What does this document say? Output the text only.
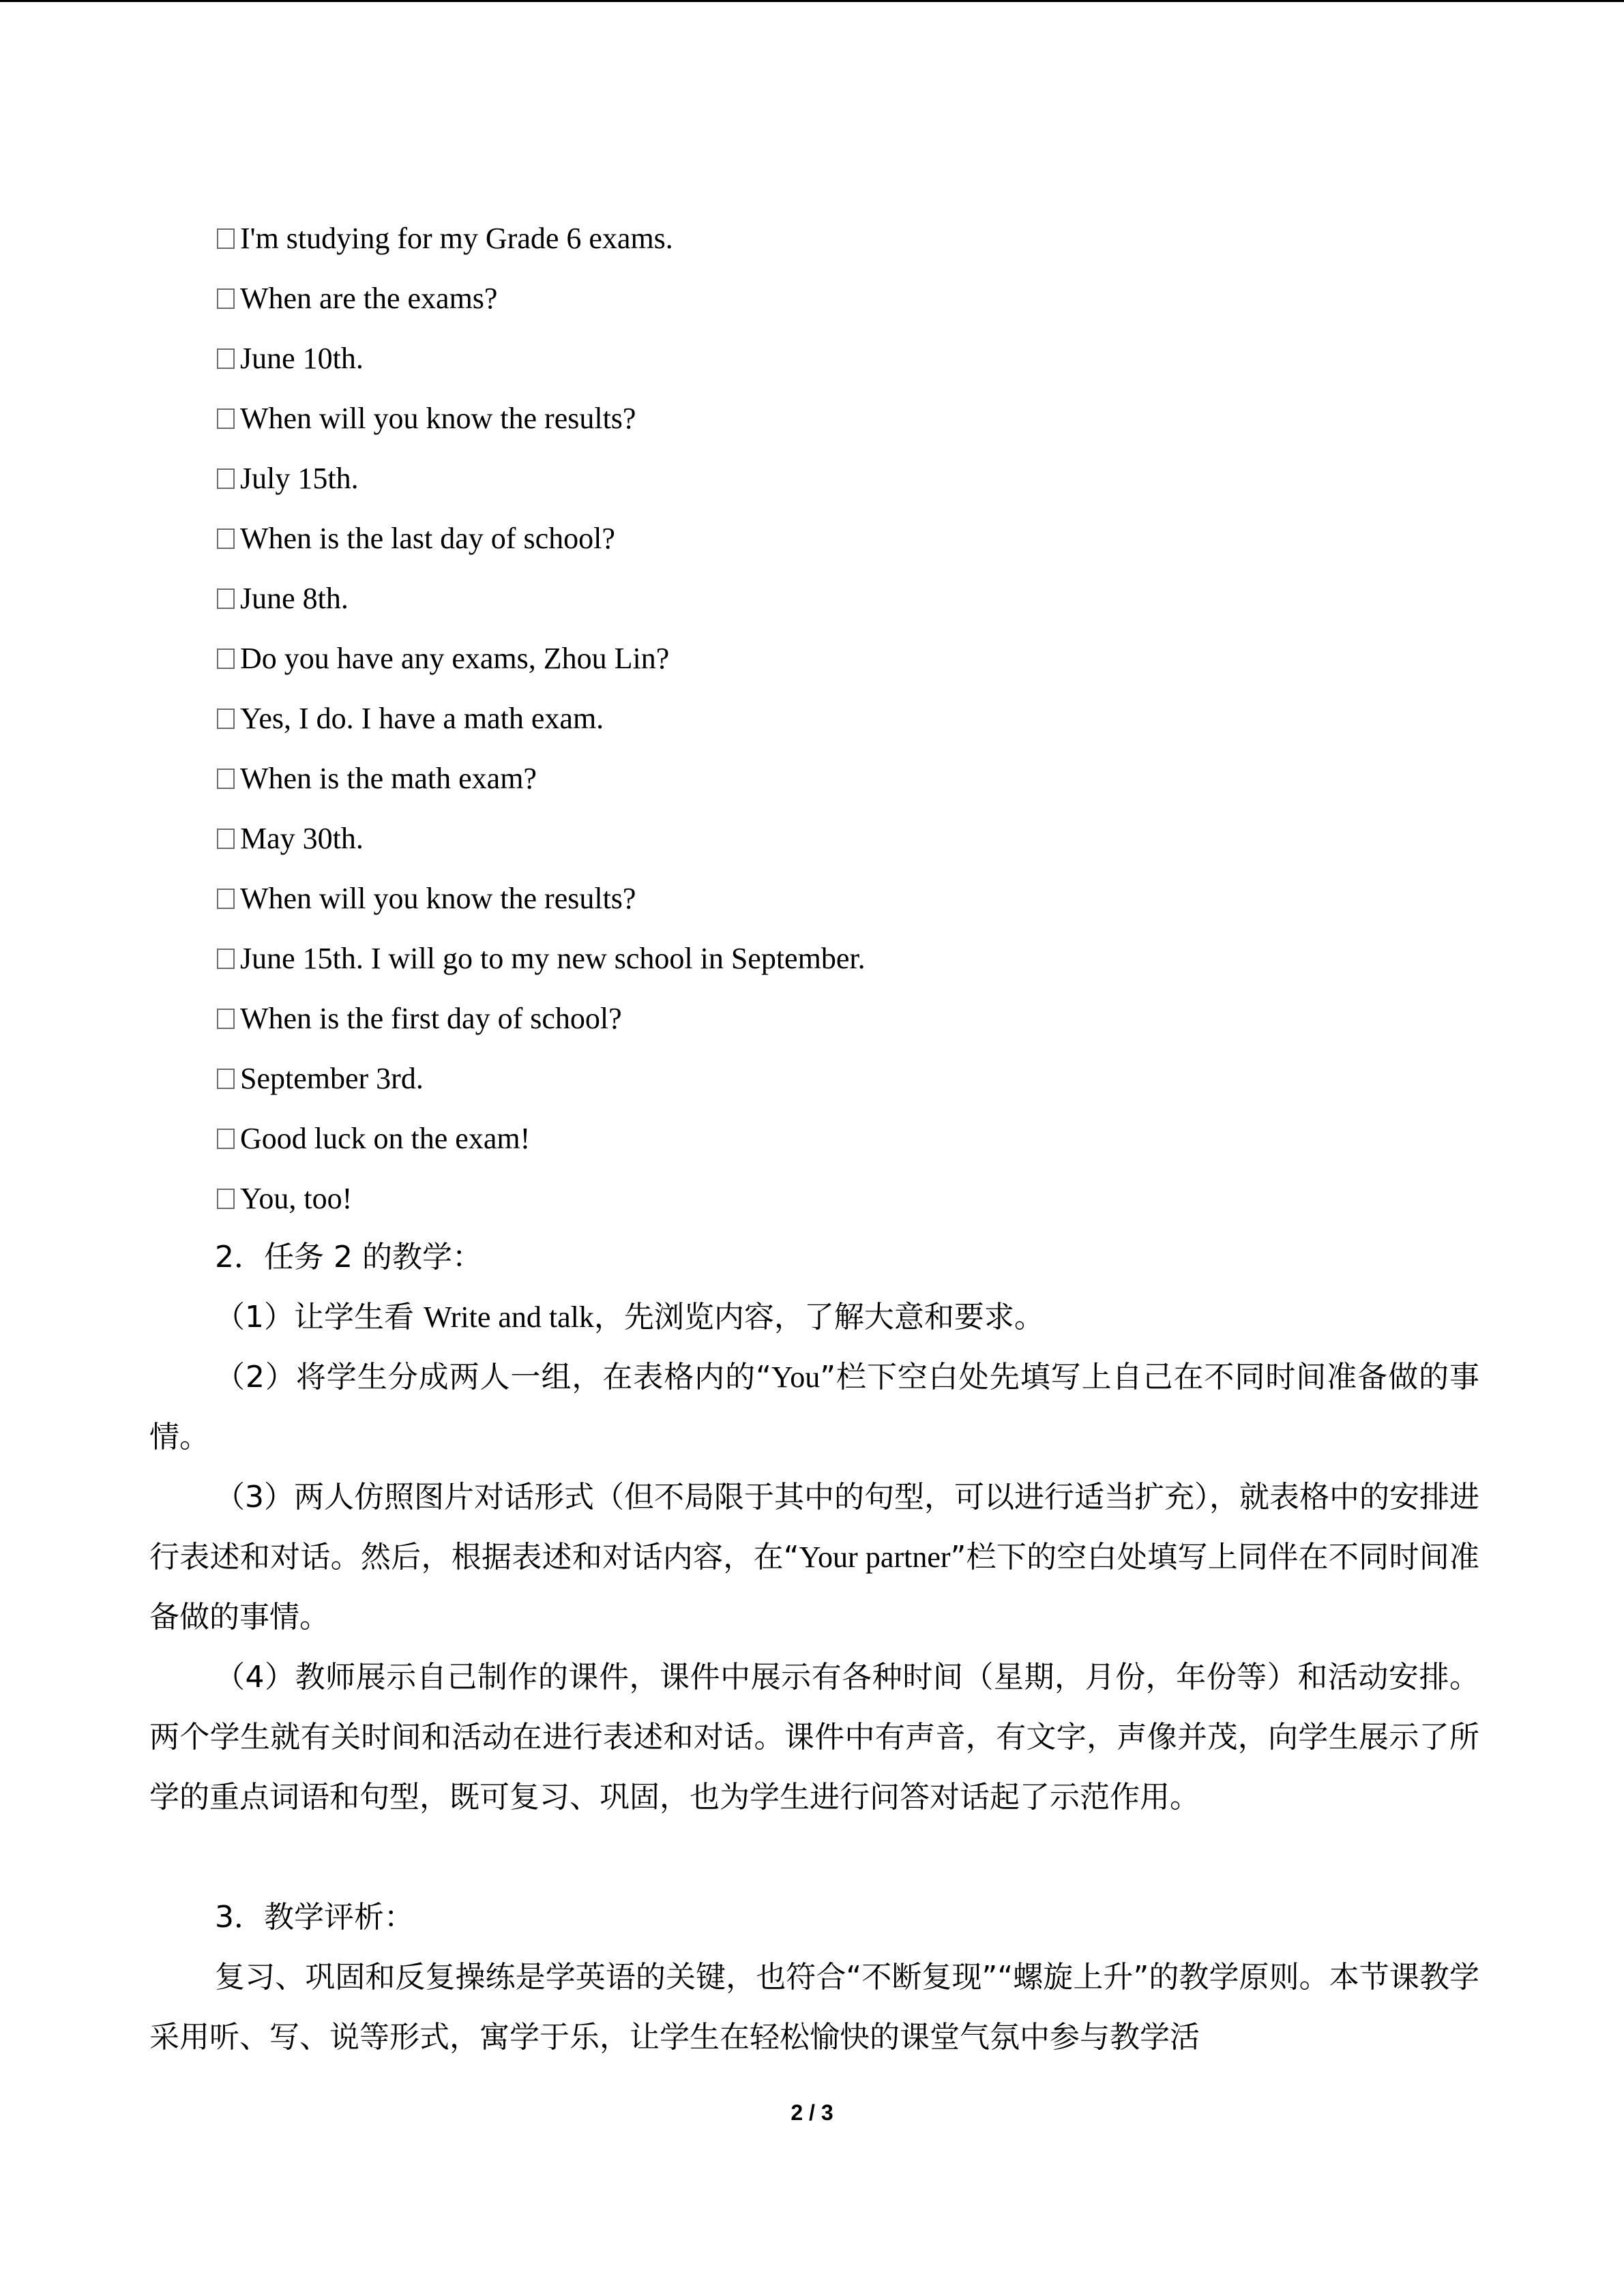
I'm studying for my Grade 6 exams.
When are the exams?
June 10th.
When will you know the results?
July 15th.
When is the last day of school?
June 8th.
Do you have any exams, Zhou Lin?
Yes, I do. I have a math exam.
When is the math exam?
May 30th.
When will you know the results?
June 15th. I will go to my new school in September.
When is the first day of school?
September 3rd.
Good luck on the exam!
You, too!

2．任务 2 的教学：

（1）让学生看 Write and talk，先浏览内容，了解大意和要求。

（2）将学生分成两人一组，在表格内的“You”栏下空白处先填写上自己在不同时间准备做的事情。

（3）两人仿照图片对话形式（但不局限于其中的句型，可以进行适当扩充），就表格中的安排进行表述和对话。然后，根据表述和对话内容，在“Your partner”栏下的空白处填写上同伴在不同时间准备做的事情。

（4）教师展示自己制作的课件，课件中展示有各种时间（星期，月份，年份等）和活动安排。两个学生就有关时间和活动在进行表述和对话。课件中有声音，有文字，声像并茂，向学生展示了所学的重点词语和句型，既可复习、巩固，也为学生进行问答对话起了示范作用。

3．教学评析：

复习、巩固和反复操练是学英语的关键，也符合“不断复现”“螺旋上升”的教学原则。本节课教学采用听、写、说等形式，寓学于乐，让学生在轻松愉快的课堂气氛中参与教学活

2 / 3
